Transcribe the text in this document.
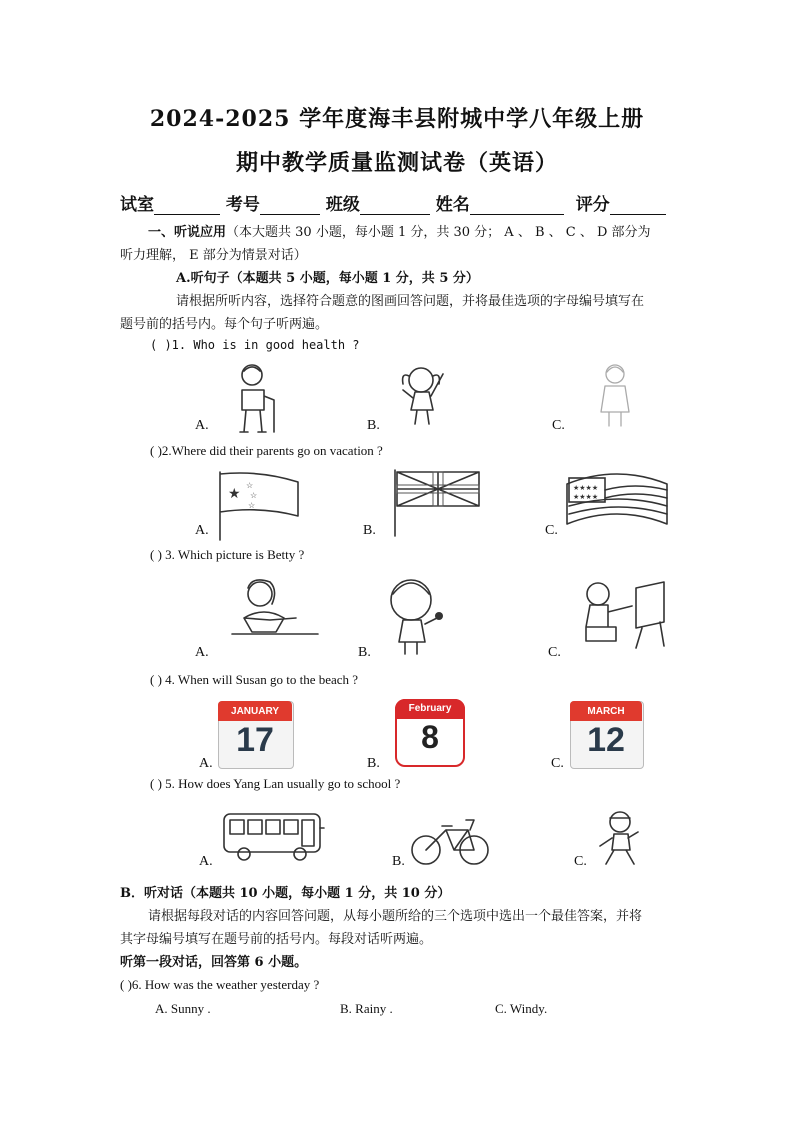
2024-2025 学年度海丰县附城中学八年级上册
期中教学质量监测试卷（英语）
试室	考号	班级	姓名	评分
一、听说应用（本大题共 30 小题，每小题 1 分，共 30 分； A 、 B 、 C 、 D 部分为
听力理解， E 部分为情景对话）
A.听句子（本题共 5 小题，每小题 1 分，共 5 分）
请根据所听内容，选择符合题意的图画回答问题，并将最佳选项的字母编号填写在
题号前的括号内。每个句子听两遍。
( )1. Who is in good health ?
A.	B.	C.
( )2.Where did their parents go on vacation ?
A.	B.	C.
★
☆
☆
☆
★★★★
★★★★
( ) 3. Which picture is Betty ?
A.	B.	C.
( ) 4. When will Susan go to the beach ?
A.	B.	C.
JANUARY
17
February
8
MARCH
12
( ) 5. How does Yang Lan usually go to school ?
A.	B.	C.
B．听对话（本题共 10 小题，每小题 1 分，共 10 分）
请根据每段对话的内容回答问题，从每小题所给的三个选项中选出一个最佳答案，并将
其字母编号填写在题号前的括号内。每段对话听两遍。
听第一段对话，回答第 6 小题。
( )6. How was the weather yesterday ?
A. Sunny .	B. Rainy .	C. Windy.
